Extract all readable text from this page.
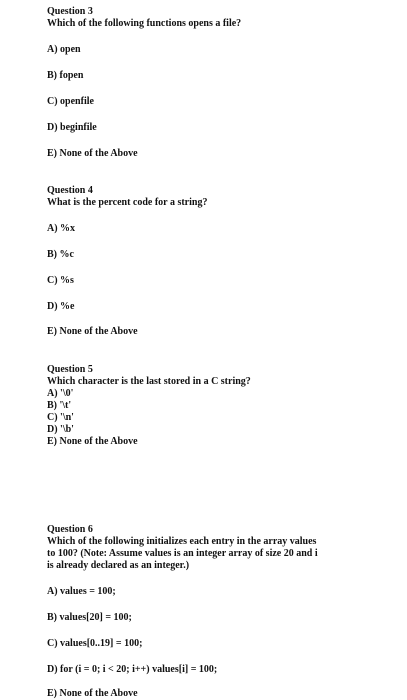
Question 3
Which of the following functions opens a file?
A) open
B) fopen
C) openfile
D) beginfile
E) None of the Above
Question 4
What is the percent code for a string?
A) %x
B) %c
C) %s
D) %e
E) None of the Above
Question 5
Which character is the last stored in a C string?
A) '\0'
B) '\t'
C) '\n'
D) '\b'
E) None of the Above
Question 6
Which of the following initializes each entry in the array values
to 100? (Note: Assume values is an integer array of size 20 and i
is already declared as an integer.)
A) values = 100;
B) values[20] = 100;
C) values[0..19] = 100;
D) for (i = 0; i < 20; i++) values[i] = 100;
E) None of the Above
